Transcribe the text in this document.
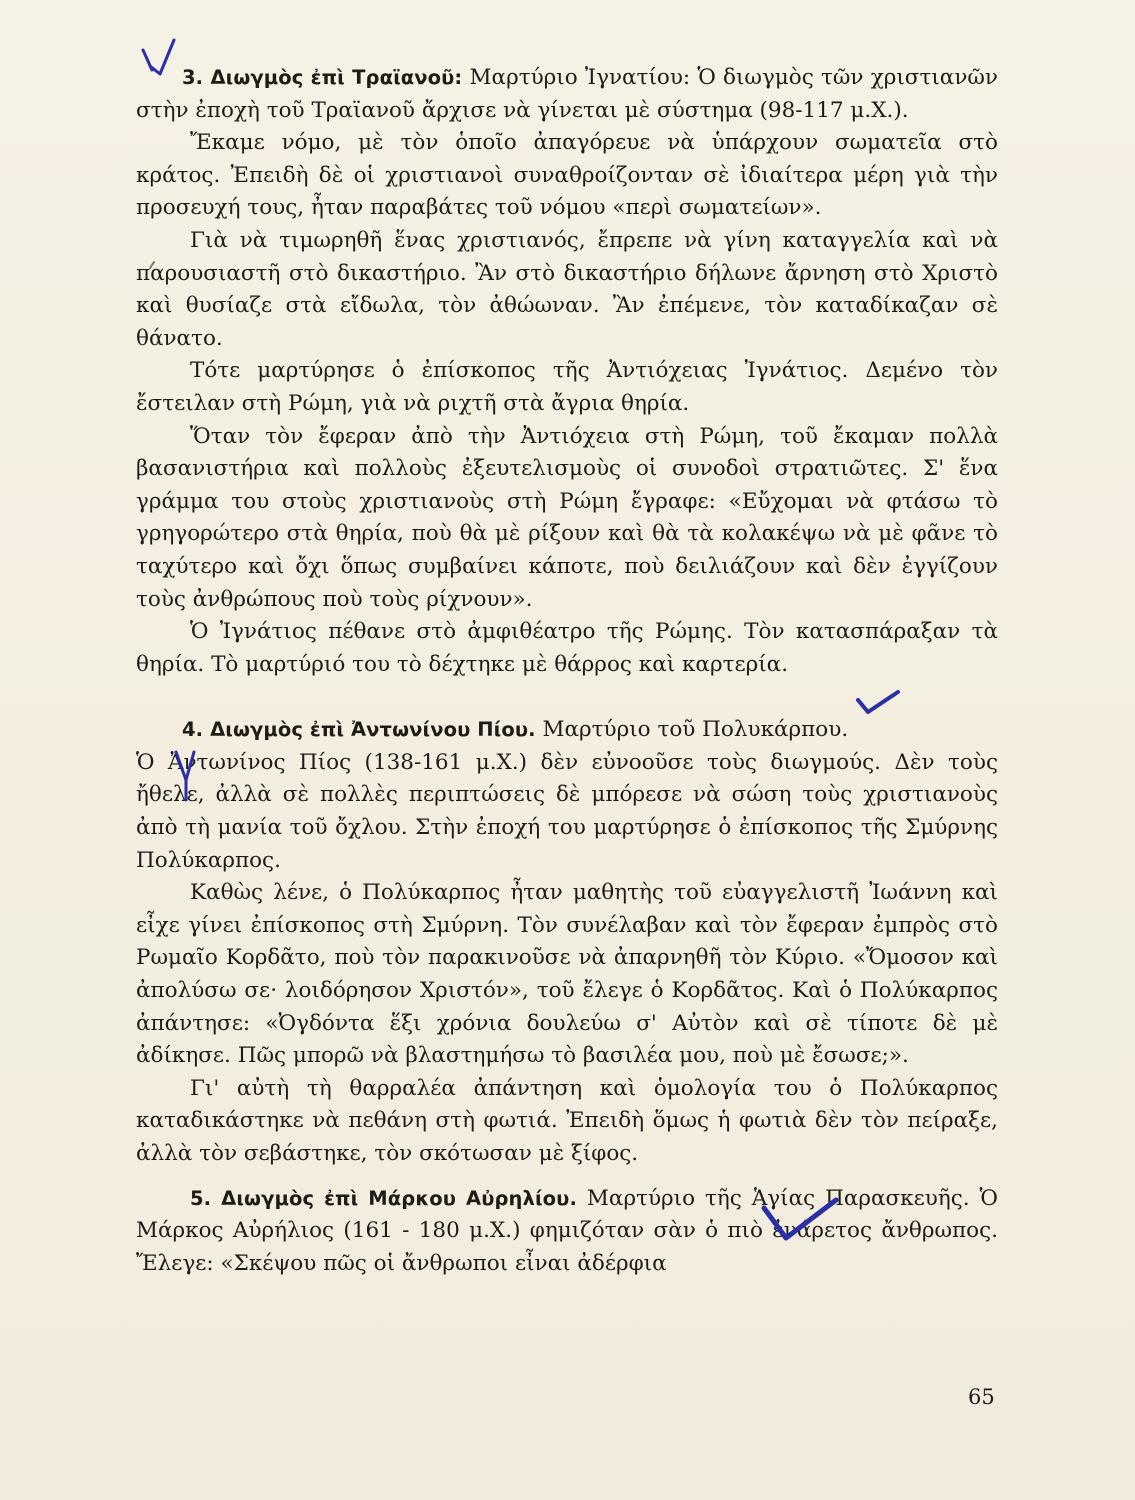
3. Διωγμὸς ἐπὶ Τραϊανοῦ: Μαρτύριο Ἰγνατίου: Ὁ διωγμὸς τῶν χριστιανῶν στὴν ἐποχὴ τοῦ Τραϊανοῦ ἄρχισε νὰ γίνεται μὲ σύστημα (98-117 μ.Χ.).

Ἔκαμε νόμο, μὲ τὸν ὁποῖο ἀπαγόρευε νὰ ὑπάρχουν σωματεῖα στὸ κράτος. Ἐπειδὴ δὲ οἱ χριστιανοὶ συναθροίζονταν σὲ ἰδιαίτερα μέρη γιὰ τὴν προσευχή τους, ἦταν παραβάτες τοῦ νόμου «περὶ σωματείων».

Γιὰ νὰ τιμωρηθῆ ἕνας χριστιανός, ἔπρεπε νὰ γίνη καταγγελία καὶ νὰ παρουσιαστῆ στὸ δικαστήριο. Ἂν στὸ δικαστήριο δήλωνε ἄρνηση στὸ Χριστὸ καὶ θυσίαζε στὰ εἴδωλα, τὸν ἀθώωναν. Ἂν ἐπέμενε, τὸν καταδίκαζαν σὲ θάνατο.

Τότε μαρτύρησε ὁ ἐπίσκοπος τῆς Ἀντιόχειας Ἰγνάτιος. Δεμένο τὸν ἔστειλαν στὴ Ρώμη, γιὰ νὰ ριχτῆ στὰ ἄγρια θηρία.

Ὅταν τὸν ἔφεραν ἀπὸ τὴν Ἀντιόχεια στὴ Ρώμη, τοῦ ἔκαμαν πολλὰ βασανιστήρια καὶ πολλοὺς ἐξευτελισμοὺς οἱ συνοδοὶ στρατιῶτες. Σ' ἕνα γράμμα του στοὺς χριστιανοὺς στὴ Ρώμη ἔγραφε: «Εὔχομαι νὰ φτάσω τὸ γρηγορώτερο στὰ θηρία, ποὺ θὰ μὲ ρίξουν καὶ θὰ τὰ κολακέψω νὰ μὲ φᾶνε τὸ ταχύτερο καὶ ὄχι ὅπως συμβαίνει κάποτε, ποὺ δειλιάζουν καὶ δὲν ἐγγίζουν τοὺς ἀνθρώπους ποὺ τοὺς ρίχνουν».

Ὁ Ἰγνάτιος πέθανε στὸ ἀμφιθέατρο τῆς Ρώμης. Τὸν κατασπάραξαν τὰ θηρία. Τὸ μαρτύριό του τὸ δέχτηκε μὲ θάρρος καὶ καρτερία.

4. Διωγμὸς ἐπὶ Ἀντωνίνου Πίου. Μαρτύριο τοῦ Πολυκάρπου.

Ὁ Ἀντωνίνος Πίος (138-161 μ.Χ.) δὲν εὐνοοῦσε τοὺς διωγμούς. Δὲν τοὺς ἤθελε, ἀλλὰ σὲ πολλὲς περιπτώσεις δὲ μπόρεσε νὰ σώση τοὺς χριστιανοὺς ἀπὸ τὴ μανία τοῦ ὄχλου. Στὴν ἐποχή του μαρτύρησε ὁ ἐπίσκοπος τῆς Σμύρνης Πολύκαρπος.

Καθὼς λένε, ὁ Πολύκαρπος ἦταν μαθητὴς τοῦ εὐαγγελιστῆ Ἰωάννη καὶ εἶχε γίνει ἐπίσκοπος στὴ Σμύρνη. Τὸν συνέλαβαν καὶ τὸν ἔφεραν ἐμπρὸς στὸ Ρωμαῖο Κορδᾶτο, ποὺ τὸν παρακινοῦσε νὰ ἀπαρνηθῆ τὸν Κύριο. «Ὄμοσον καὶ ἀπολύσω σε· λοιδόρησον Χριστόν», τοῦ ἔλεγε ὁ Κορδᾶτος. Καὶ ὁ Πολύκαρπος ἀπάντησε: «Ὀγδόντα ἕξι χρόνια δουλεύω σ' Αὐτὸν καὶ σὲ τίποτε δὲ μὲ ἀδίκησε. Πῶς μπορῶ νὰ βλαστημήσω τὸ βασιλέα μου, ποὺ μὲ ἔσωσε;».

Γι' αὐτὴ τὴ θαρραλέα ἀπάντηση καὶ ὁμολογία του ὁ Πολύκαρπος καταδικάστηκε νὰ πεθάνη στὴ φωτιά. Ἐπειδὴ ὅμως ἡ φωτιὰ δὲν τὸν πείραξε, ἀλλὰ τὸν σεβάστηκε, τὸν σκότωσαν μὲ ξίφος.

5. Διωγμὸς ἐπὶ Μάρκου Αὐρηλίου. Μαρτύριο τῆς Ἁγίας Παρασκευῆς. Ὁ Μάρκος Αὐρήλιος (161 - 180 μ.Χ.) φημιζόταν σὰν ὁ πιὸ ἐνάρετος ἄνθρωπος. Ἔλεγε: «Σκέψου πῶς οἱ ἄνθρωποι εἶναι ἀδέρφια

65
